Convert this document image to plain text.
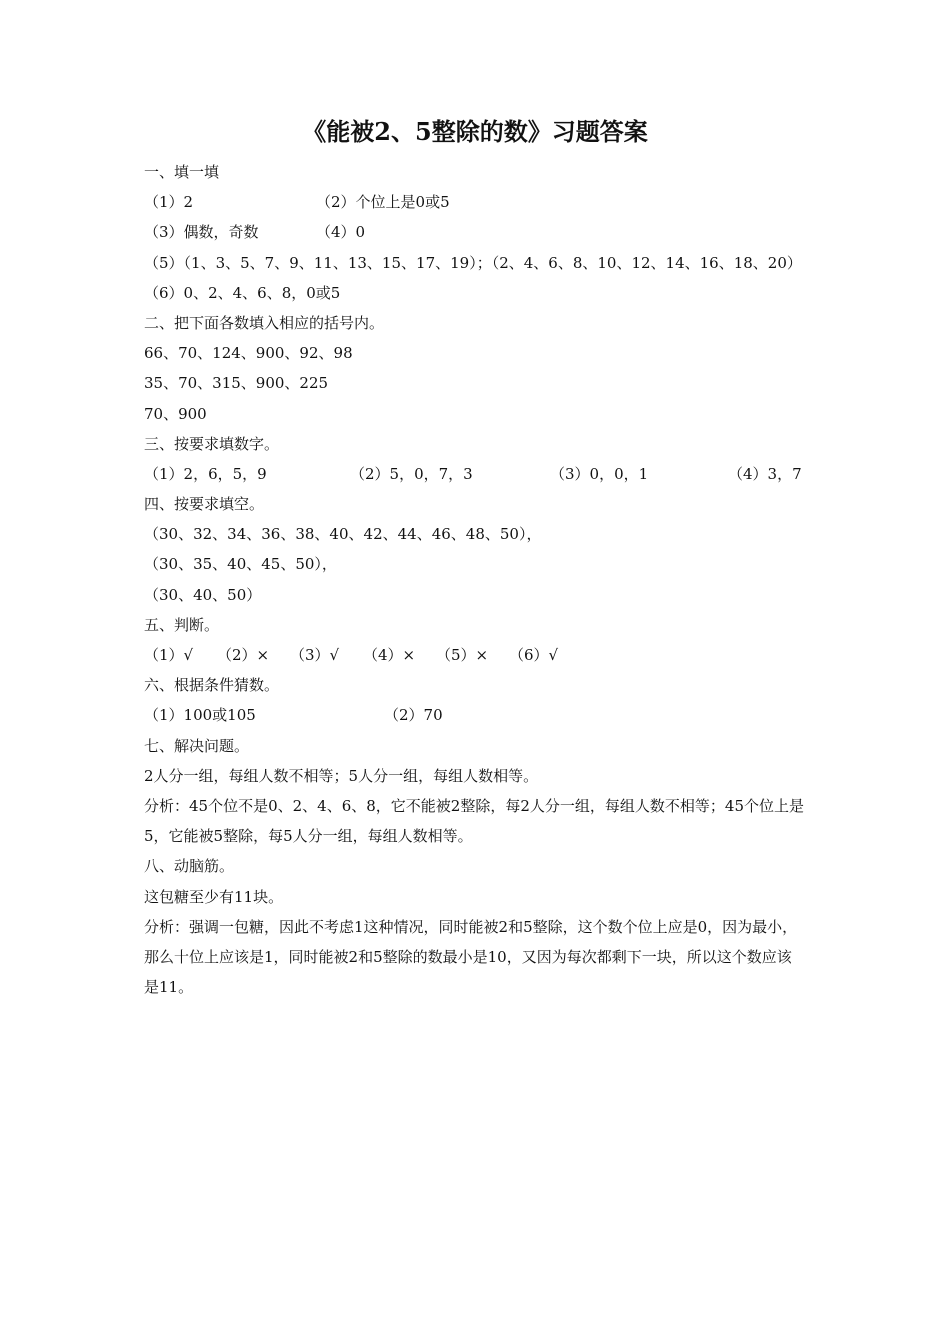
《能被2、5整除的数》习题答案
一、填一填
（1）2	（2）个位上是0或5
（3）偶数，奇数	（4）0
（5）（1、3、5、7、9、11、13、15、17、19）；（2、4、6、8、10、12、14、16、18、20）
（6）0、2、4、6、8，0或5
二、把下面各数填入相应的括号内。
66、70、124、900、92、98
35、70、315、900、225
70、900
三、按要求填数字。
（1）2，6，5，9	（2）5，0，7，3	（3）0，0，1	（4）3，7
四、按要求填空。
（30、32、34、36、38、40、42、44、46、48、50），
（30、35、40、45、50），
（30、40、50）
五、判断。
（1）√	（2）×	（3）√	（4）×	（5）×	（6）√
六、根据条件猜数。
（1）100或105	（2）70
七、解决问题。
2人分一组，每组人数不相等；5人分一组，每组人数相等。
分析：45个位不是0、2、4、6、8，它不能被2整除，每2人分一组，每组人数不相等；45个位上是5，它能被5整除，每5人分一组，每组人数相等。
八、动脑筋。
这包糖至少有11块。
分析：强调一包糖，因此不考虑1这种情况，同时能被2和5整除，这个数个位上应是0，因为最小，那么十位上应该是1，同时能被2和5整除的数最小是10，又因为每次都剩下一块，所以这个数应该是11。
